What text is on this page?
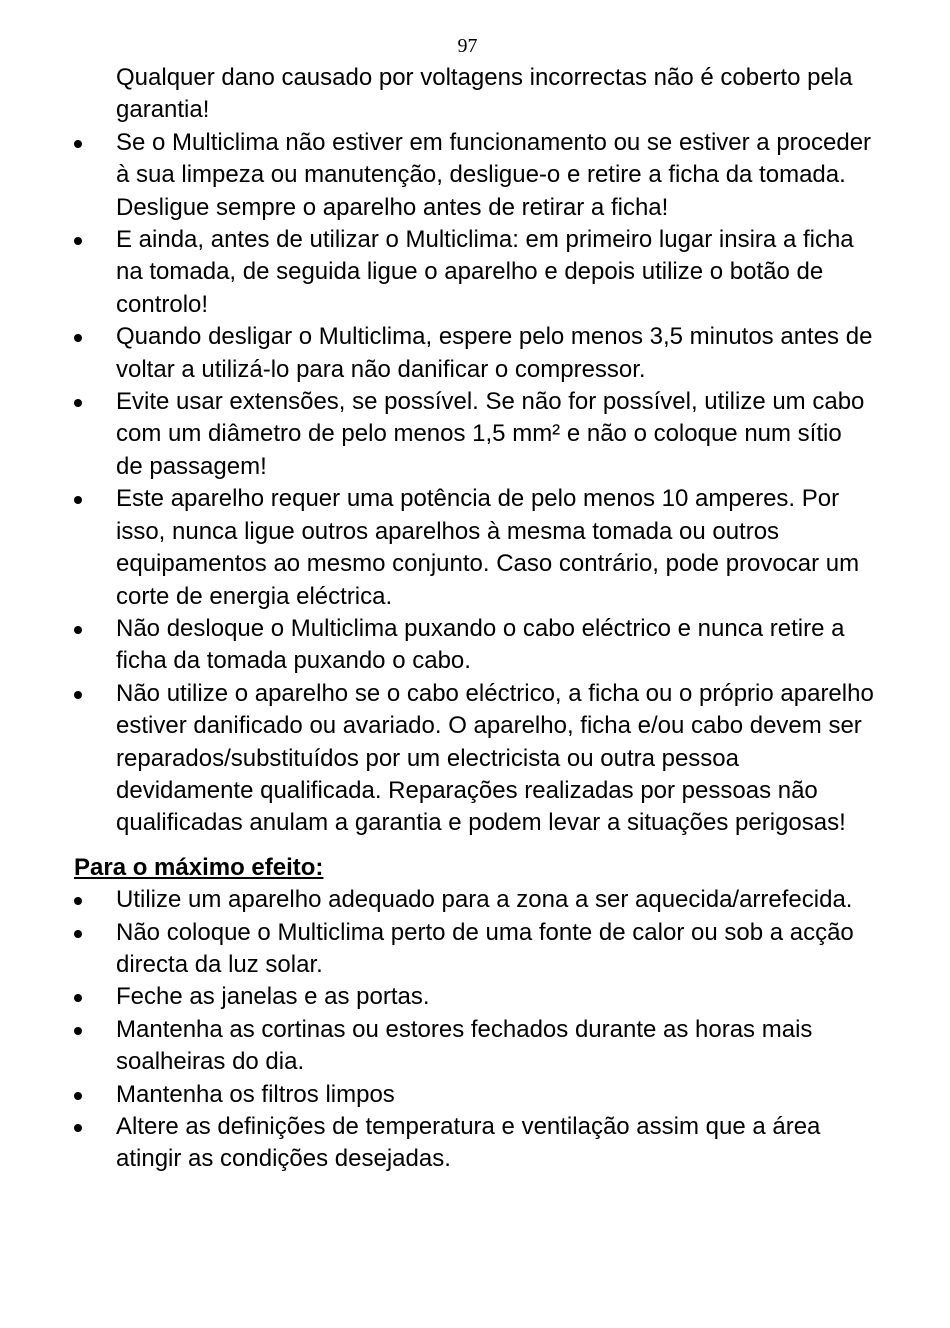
97

Qualquer dano causado por voltagens incorrectas não é coberto pela garantia!

Se o Multiclima não estiver em funcionamento ou se estiver a proceder à sua limpeza ou manutenção, desligue-o e retire a ficha da tomada. Desligue sempre o aparelho antes de retirar a ficha!
E ainda, antes de utilizar o Multiclima: em primeiro lugar insira a ficha na tomada, de seguida ligue o aparelho e depois utilize o botão de controlo!
Quando desligar o Multiclima, espere pelo menos 3,5 minutos antes de voltar a utilizá-lo para não danificar o compressor.
Evite usar extensões, se possível. Se não for possível, utilize um cabo com um diâmetro de pelo menos 1,5 mm² e não o coloque num sítio de passagem!
Este aparelho requer uma potência de pelo menos 10 amperes. Por isso, nunca ligue outros aparelhos à mesma tomada ou outros equipamentos ao mesmo conjunto. Caso contrário, pode provocar um corte de energia eléctrica.
Não desloque o Multiclima puxando o cabo eléctrico e nunca retire a ficha da tomada puxando o cabo.
Não utilize o aparelho se o cabo eléctrico, a ficha ou o próprio aparelho estiver danificado ou avariado. O aparelho, ficha e/ou cabo devem ser reparados/substituídos por um electricista ou outra pessoa devidamente qualificada. Reparações realizadas por pessoas não qualificadas anulam a garantia e podem levar a situações perigosas!
Para o máximo efeito:
Utilize um aparelho adequado para a zona a ser aquecida/arrefecida.
Não coloque o Multiclima perto de uma fonte de calor ou sob a acção directa da luz solar.
Feche as janelas e as portas.
Mantenha as cortinas ou estores fechados durante as horas mais soalheiras do dia.
Mantenha os filtros limpos
Altere as definições de temperatura e ventilação assim que a área atingir as condições desejadas.
